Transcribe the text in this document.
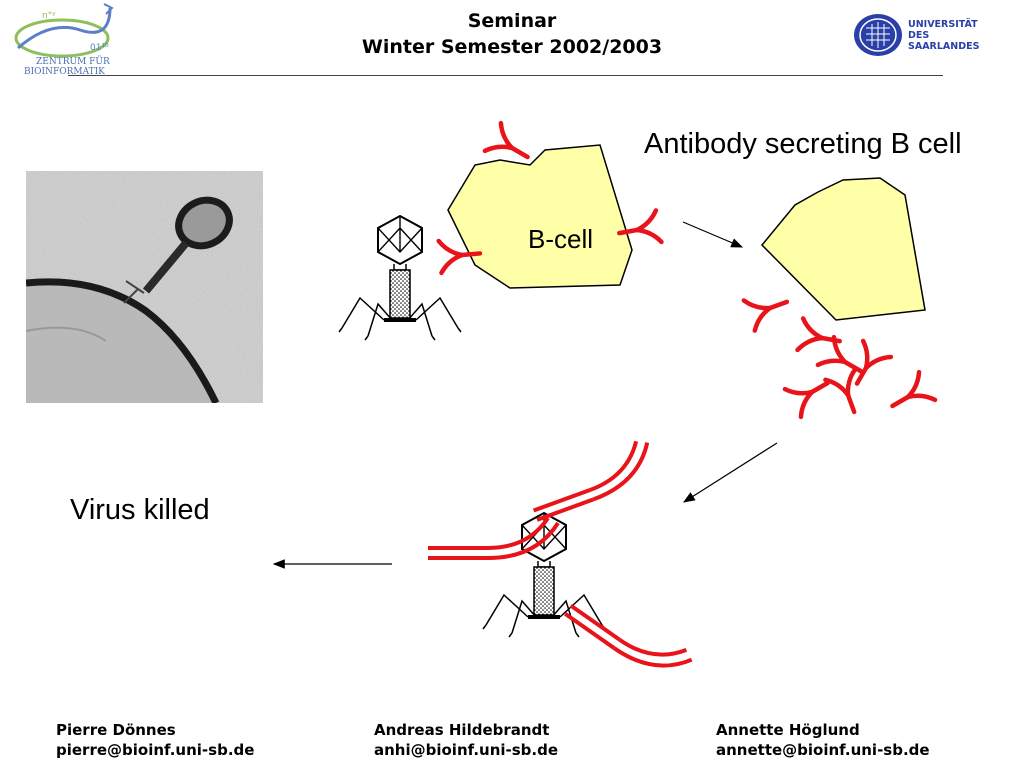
Seminar
Winter Semester 2002/2003
n°ʸ
01¹⁰
ZENTRUM FÜR
BIOINFORMATIK
UNIVERSITÄT
DES
SAARLANDES
Antibody secreting B cell
B-cell
Virus killed
Pierre Dönnes
pierre@bioinf.uni-sb.de
Andreas Hildebrandt
anhi@bioinf.uni-sb.de
Annette Höglund
annette@bioinf.uni-sb.de
